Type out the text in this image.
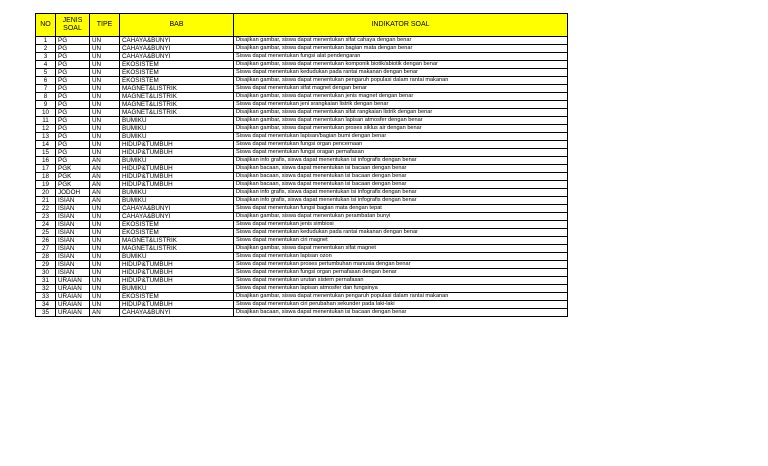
NO	JENIS SOAL	TIPE	BAB	INDIKATOR SOAL
1	PG	UN	CAHAYA&BUNYI	Disajikan gambar, siswa dapat menentukan sifat cahaya dengan benar
2	PG	UN	CAHAYA&BUNYI	Disajikan gambar, siswa dapat menentukan bagian mata dengan benar
3	PG	UN	CAHAYA&BUNYI	Siswa dapat menentukan fungsi alat pendengaran
4	PG	UN	EKOSISTEM	Disajikan gambar, siswa dapat menentukan komponik biotik/abiotik dengan benar
5	PG	UN	EKOSISTEM	Siswa dapat menentukan kedudukan pada rantai makanan dengan benar
6	PG	UN	EKOSISTEM	Disajikan gambar, siswa dapat menentukan pengaruh populasi dalam rantai makanan
7	PG	UN	MAGNET&LISTRIK	Siswa dapat menentukan sifat magnet dengan benar
8	PG	UN	MAGNET&LISTRIK	Disajikan gambar, siswa dapat menentukan jenis magnet dengan benar
9	PG	UN	MAGNET&LISTRIK	Siswa dapat menentukan jeni srangkaian listrik dengan benar
10	PG	UN	MAGNET&LISTRIK	Disajikan gambar, siswa dapat menentukan sifat rangkaian listrik dengan benar
11	PG	UN	BUMIKU	Disajikan gambar, siswa dapat menentukan lapisan atmosfer dengan benar
12	PG	UN	BUMIKU	Disajikan gambar, siswa dapat menentukan proses siklus air dengan benar
13	PG	UN	BUMIKU	Siswa dapat menentukan lapisan/bagian bumi dengan benar
14	PG	UN	HIDUP&TUMBUH	Siswa dapat menentukan fungsi organ pencernaan
15	PG	UN	HIDUP&TUMBUH	Siswa dapat menentukan fungsi oragan pernafasan
16	PG	AN	BUMIKU	Disajikan info grafis, siswa dapat menentukan isi infografis dengan benar
17	PGK	AN	HIDUP&TUMBUH	Disajikan bacaan, siswa dapat menentukan isi bacaan dengan benar
18	PGK	AN	HIDUP&TUMBUH	Disajikan bacaan, siswa dapat menentukan isi bacaan dengan benar
19	PGK	AN	HIDUP&TUMBUH	Disajikan bacaan, siswa dapat menentukan isi bacaan dengan benar
20	JODOH	AN	BUMIKU	Disajikan info grafis, siswa dapat menentukan isi infografis dengan benar
21	ISIAN	AN	BUMIKU	Disajikan info grafis, siswa dapat menentukan isi infografis dengan benar
22	ISIAN	UN	CAHAYA&BUNYI	Siswa dapat menentukan fungsi bagian mata dengan tepat
23	ISIAN	UN	CAHAYA&BUNYI	Disajikan gambar, siswa dapat menentukan perambatan bunyi
24	ISIAN	UN	EKOSISTEM	Siswa dapat menentukan jenis simbiosi
25	ISIAN	UN	EKOSISTEM	Siswa dapat menentukan kedudukan pada rantai makanan dengan benar
26	ISIAN	UN	MAGNET&LISTRIK	Siswa dapat menentukan ciri magnet
27	ISIAN	UN	MAGNET&LISTRIK	Disajikan gambar, siswa dapat menentukan sifat magnet
28	ISIAN	UN	BUMIKU	Siswa dapat menentukan lapisan ozon
29	ISIAN	UN	HIDUP&TUMBUH	Siswa dapat menentukan proses pertumbuhan manusia dengan benar
30	ISIAN	UN	HIDUP&TUMBUH	Siswa dapat menentukan fungsi organ pernafasan dengan benar
31	URAIAN	UN	HIDUP&TUMBUH	Siswa dapat menentukan urutan sistem pernafasan
32	URAIAN	UN	BUMIKU	Siswa dapat menentukan lapisan atmosfer dan fungsinya
33	URAIAN	UN	EKOSISTEM	Disajikan gambar, siswa dapat menentukan pengaruh populasi dalam rantai makanan
34	URAIAN	UN	HIDUP&TUMBUH	Siswa dapat menentukan ciri perubahan sekunder pada laki-laki
35	URAIAN	AN	CAHAYA&BUNYI	Disajikan bacaan, siswa dapat menentukan isi bacaan dengan benar
